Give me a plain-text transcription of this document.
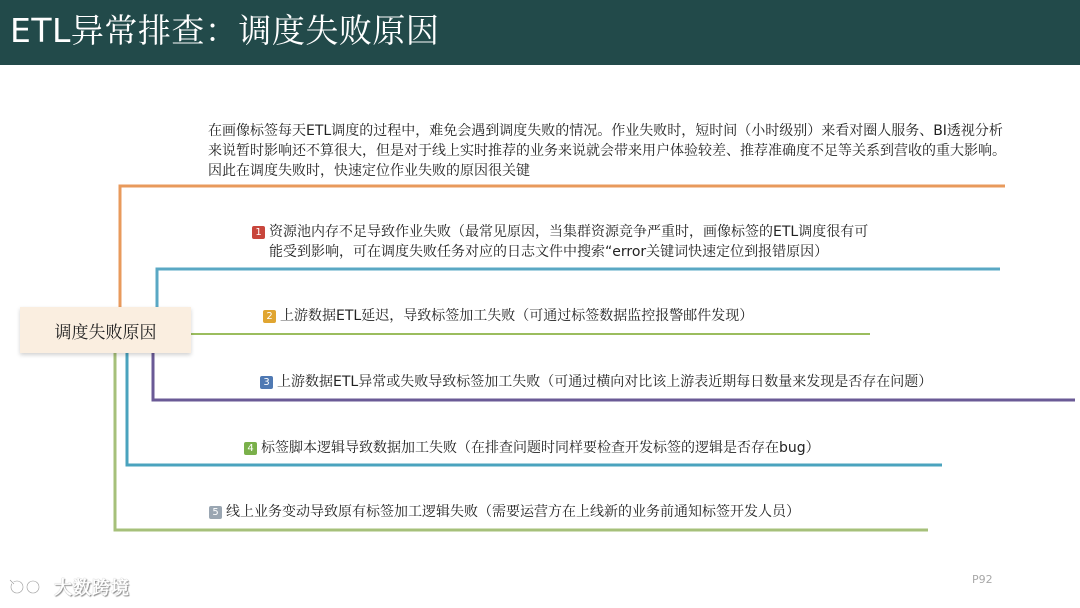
ETL异常排查：调度失败原因
调度失败原因
在画像标签每天ETL调度的过程中，难免会遇到调度失败的情况。作业失败时，短时间（小时级别）来看对圈人服务、BI透视分析来说暂时影响还不算很大，但是对于线上实时推荐的业务来说就会带来用户体验较差、推荐准确度不足等关系到营收的重大影响。因此在调度失败时，快速定位作业失败的原因很关键
1 资源池内存不足导致作业失败（最常见原因，当集群资源竞争严重时，画像标签的ETL调度很有可
能受到影响，可在调度失败任务对应的日志文件中搜索“error关键词快速定位到报错原因）
2 上游数据ETL延迟，导致标签加工失败（可通过标签数据监控报警邮件发现）
3 上游数据ETL异常或失败导致标签加工失败（可通过横向对比该上游表近期每日数量来发现是否存在问题）
4 标签脚本逻辑导致数据加工失败（在排查问题时同样要检查开发标签的逻辑是否存在bug）
5 线上业务变动导致原有标签加工逻辑失败（需要运营方在上线新的业务前通知标签开发人员）
P92
大数跨境
